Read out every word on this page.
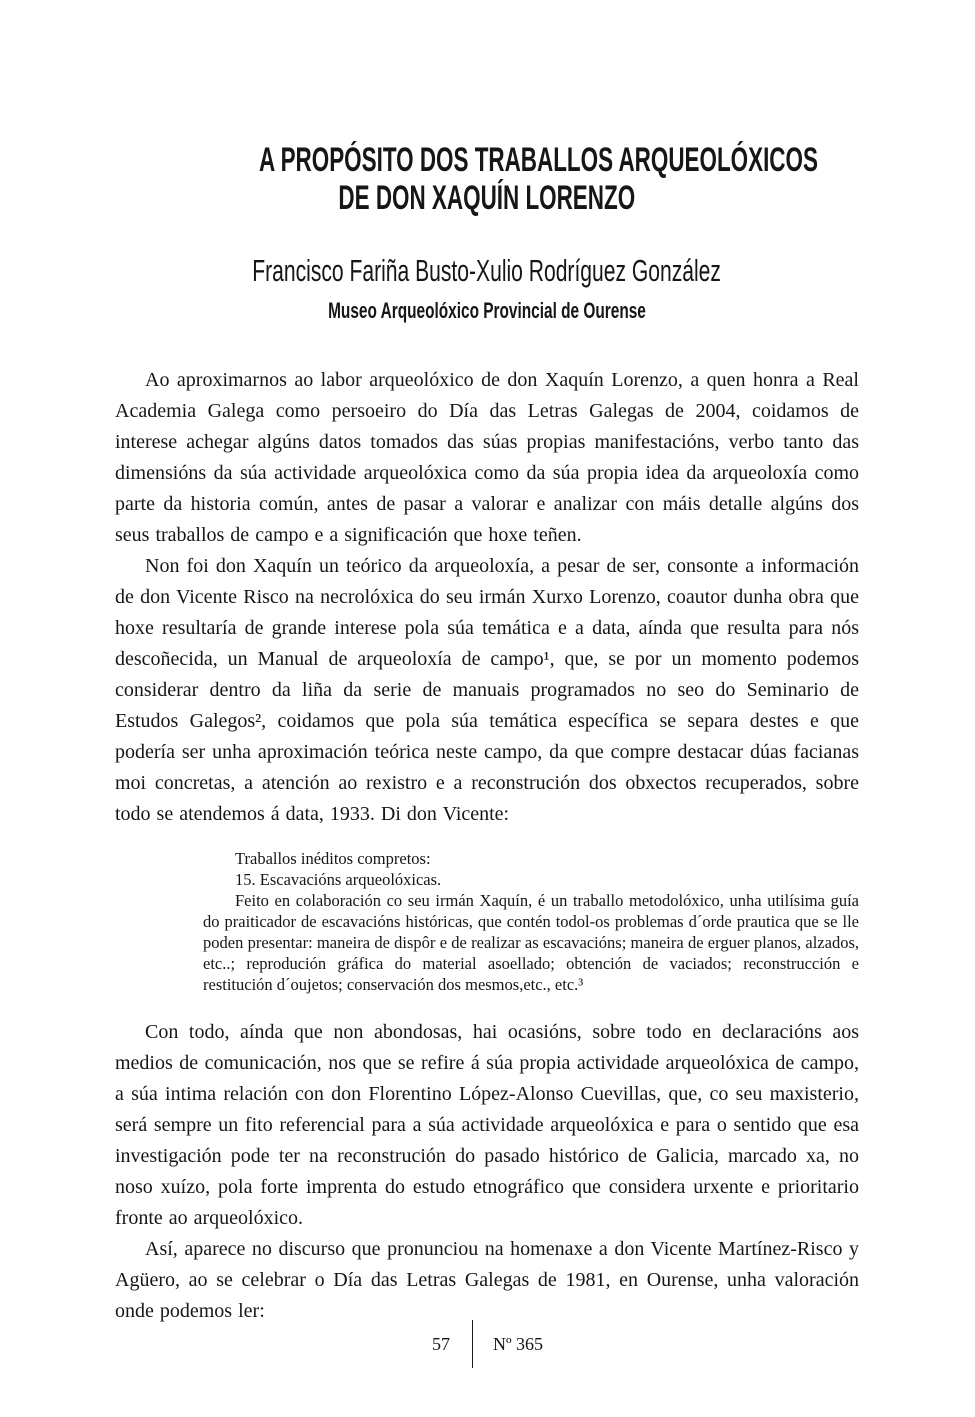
A PROPÓSITO DOS TRABALLOS ARQUEOLÓXICOS
DE DON XAQUÍN LORENZO
Francisco Fariña Busto-Xulio Rodríguez González
Museo Arqueolóxico Provincial de Ourense

Ao aproximarnos ao labor arqueolóxico de don Xaquín Lorenzo, a quen honra a Real Academia Galega como persoeiro do Día das Letras Galegas de 2004, coidamos de interese achegar algúns datos tomados das súas propias manifestacións, verbo tanto das dimensións da súa actividade arqueolóxica como da súa propia idea da arqueoloxía como parte da historia común, antes de pasar a valorar e analizar con máis detalle algúns dos seus traballos de campo e a significación que hoxe teñen.

Non foi don Xaquín un teórico da arqueoloxía, a pesar de ser, consonte a información de don Vicente Risco na necrolóxica do seu irmán Xurxo Lorenzo, coautor dunha obra que hoxe resultaría de grande interese pola súa temática e a data, aínda que resulta para nós descoñecida, un Manual de arqueoloxía de campo¹, que, se por un momento podemos considerar dentro da liña da serie de manuais programados no seo do Seminario de Estudos Galegos², coidamos que pola súa temática específica se separa destes e que podería ser unha aproximación teórica neste campo, da que compre destacar dúas facianas moi concretas, a atención ao rexistro e a reconstrución dos obxectos recuperados, sobre todo se atendemos á data, 1933. Di don Vicente:

Traballos inéditos compretos:

15. Escavacións arqueolóxicas.

Feito en colaboración co seu irmán Xaquín, é un traballo metodolóxico, unha utilísima guía do praiticador de escavacións históricas, que contén todol-os problemas d´orde prautica que se lle poden presentar: maneira de dispôr e de realizar as escavacións; maneira de erguer planos, alzados, etc..; reprodución gráfica do material asoellado; obtención de vaciados; reconstrucción e restitución d´oujetos; conservación dos mesmos,etc., etc.³

Con todo, aínda que non abondosas, hai ocasións, sobre todo en declaracións aos medios de comunicación, nos que se refire á súa propia actividade arqueolóxica de campo, a súa intima relación con don Florentino López-Alonso Cuevillas, que, co seu maxisterio, será sempre un fito referencial para a súa actividade arqueolóxica e para o sentido que esa investigación pode ter na reconstrución do pasado histórico de Galicia, marcado xa, no noso xuízo, pola forte imprenta do estudo etnográfico que considera urxente e prioritario fronte ao arqueolóxico.

Así, aparece no discurso que pronunciou na homenaxe a don Vicente Martínez-Risco y Agüero, ao se celebrar o Día das Letras Galegas de 1981, en Ourense, unha valoración onde podemos ler:

57	Nº 365
